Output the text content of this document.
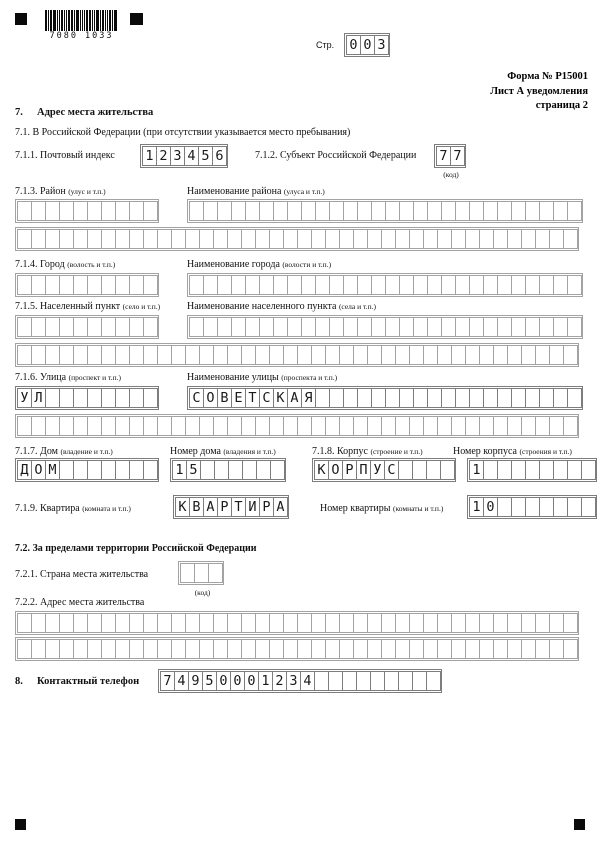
7080 1033
Стр. 0 0 3
Форма № Р15001
Лист А уведомления
страница 2
7. Адрес места жительства
7.1. В Российской Федерации (при отсутствии указывается место пребывания)
7.1.1. Почтовый индекс 1 2 3 4 5 6	7.1.2. Субъект Российской Федерации 7 7
(код)
7.1.3. Район (улус и т.п.)	Наименование района (улуса и т.п.)
7.1.4. Город (волость и т.п.)	Наименование города (волости и т.п.)
7.1.5. Населенный пункт (село и т.п.)	Наименование населенного пункта (села и т.п.)
7.1.6. Улица (проспект и т.п.)	Наименование улицы (проспекта и т.п.)
У Л	С О В Е Т С К А Я
7.1.7. Дом (владение и т.п.)	Номер дома (владения и т.п.)	7.1.8. Корпус (строение и т.п.)	Номер корпуса (строения и т.п.)
Д О М	1 5	К О Р П У С	1
7.1.9. Квартира (комната и т.п.)	К В А Р Т И Р А	Номер квартиры (комнаты и т.п.) 1 0
7.2. За пределами территории Российской Федерации
7.2.1. Страна места жительства
(код)
7.2.2. Адрес места жительства
8. Контактный телефон 7 4 9 5 0 0 0 1 2 3 4
